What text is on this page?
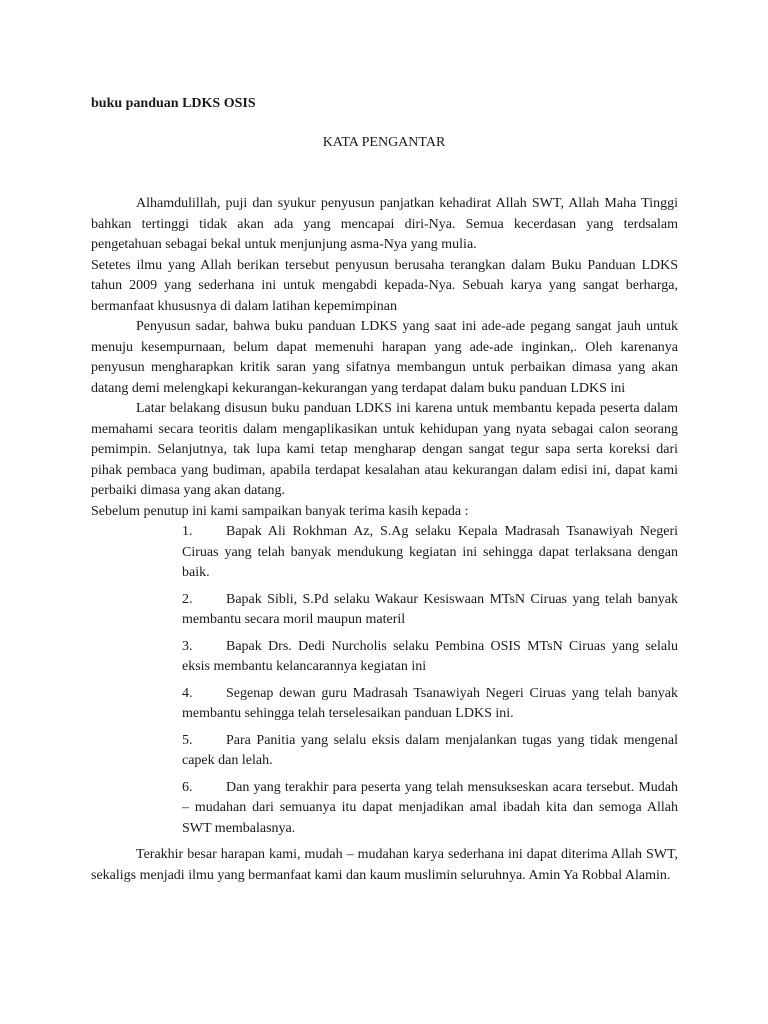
buku panduan LDKS OSIS
KATA PENGANTAR

Alhamdulillah, puji dan syukur penyusun panjatkan kehadirat Allah SWT, Allah Maha Tinggi bahkan tertinggi tidak akan ada yang mencapai diri-Nya. Semua kecerdasan yang terdsalam pengetahuan sebagai bekal untuk menjunjung asma-Nya yang mulia.

Setetes ilmu yang Allah berikan tersebut penyusun berusaha terangkan dalam Buku Panduan LDKS tahun 2009 yang sederhana ini untuk mengabdi kepada-Nya. Sebuah karya yang sangat berharga, bermanfaat khususnya di dalam latihan kepemimpinan

Penyusun sadar, bahwa buku panduan LDKS yang saat ini ade-ade pegang sangat jauh untuk menuju kesempurnaan, belum dapat memenuhi harapan yang ade-ade inginkan,. Oleh karenanya penyusun mengharapkan kritik saran yang sifatnya membangun untuk perbaikan dimasa yang akan datang demi melengkapi kekurangan-kekurangan yang terdapat dalam buku panduan LDKS ini

Latar belakang disusun buku panduan LDKS ini karena untuk membantu kepada peserta dalam memahami secara teoritis dalam mengaplikasikan untuk kehidupan yang nyata sebagai calon seorang pemimpin. Selanjutnya, tak lupa kami tetap mengharap dengan sangat tegur sapa serta koreksi dari pihak pembaca yang budiman, apabila terdapat kesalahan atau kekurangan dalam edisi ini, dapat kami perbaiki dimasa yang akan datang.

Sebelum penutup ini kami sampaikan banyak terima kasih kepada :

1. Bapak Ali Rokhman Az, S.Ag selaku Kepala Madrasah Tsanawiyah Negeri Ciruas yang telah banyak mendukung kegiatan ini sehingga dapat terlaksana dengan baik.
2. Bapak Sibli, S.Pd selaku Wakaur Kesiswaan MTsN Ciruas yang telah banyak membantu secara moril maupun materil
3. Bapak Drs. Dedi Nurcholis selaku Pembina OSIS MTsN Ciruas yang selalu eksis membantu kelancarannya kegiatan ini
4. Segenap dewan guru Madrasah Tsanawiyah Negeri Ciruas yang telah banyak membantu sehingga telah terselesaikan panduan LDKS ini.
5. Para Panitia yang selalu eksis dalam menjalankan tugas yang tidak mengenal capek dan lelah.
6. Dan yang terakhir para peserta yang telah mensukseskan acara tersebut. Mudah – mudahan dari semuanya itu dapat menjadikan amal ibadah kita dan semoga Allah SWT membalasnya.

Terakhir besar harapan kami, mudah – mudahan karya sederhana ini dapat diterima Allah SWT, sekaligs menjadi ilmu yang bermanfaat kami dan kaum muslimin seluruhnya. Amin Ya Robbal Alamin.
